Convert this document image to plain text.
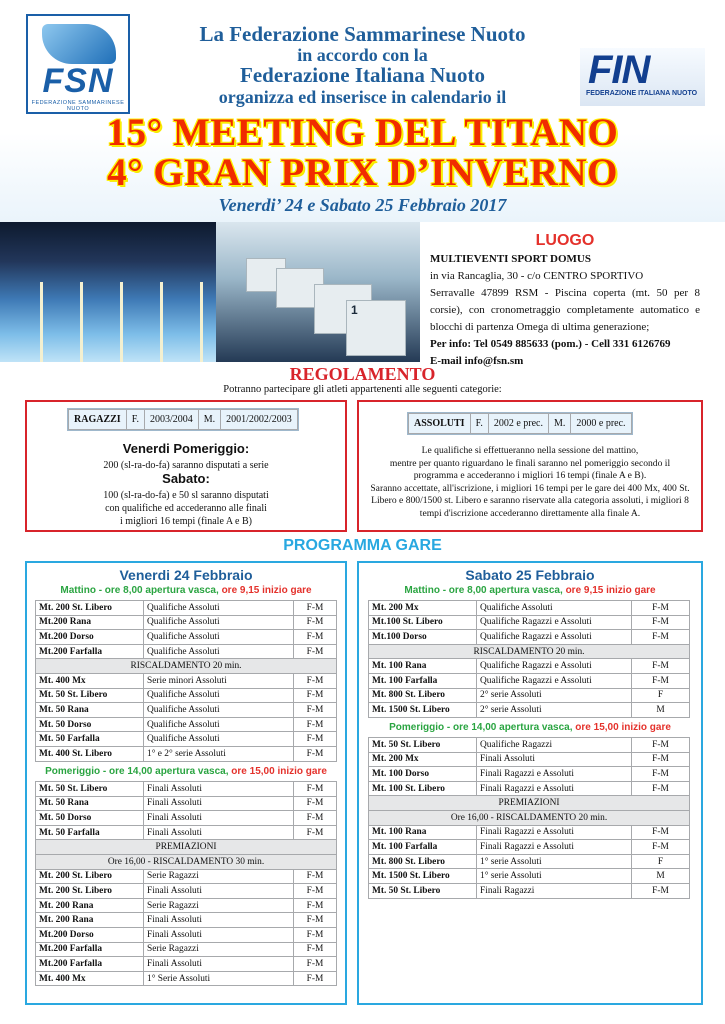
FSN
FEDERAZIONE SAMMARINESE NUOTO
FIN
FEDERAZIONE ITALIANA NUOTO
La Federazione Sammarinese Nuoto
in accordo con la
Federazione Italiana Nuoto
organizza ed inserisce in calendario il
15° MEETING DEL TITANO
4° GRAN PRIX D’INVERNO
Venerdi’ 24 e Sabato 25 Febbraio 2017
1
LUOGO
MULTIEVENTI SPORT DOMUS
in via Rancaglia, 30 - c/o CENTRO SPORTIVO
Serravalle 47899 RSM - Piscina coperta (mt. 50 per 8 corsie), con cronometraggio completamente automatico e blocchi di partenza Omega di ultima generazione;
Per info: Tel 0549 885633 (pom.) - Cell 331 6126769
E-mail info@fsn.sm
REGOLAMENTO
Potranno partecipare gli atleti appartenenti alle seguenti categorie:
RAGAZZI	F.	2003/2004	M.	2001/2002/2003
Venerdi Pomeriggio:
200 (sl-ra-do-fa) saranno disputati a serie
Sabato:
100 (sl-ra-do-fa) e 50 sl saranno disputati
con qualifiche ed accederanno alle finali
i migliori 16 tempi (finale A e B)
ASSOLUTI	F.	2002 e prec.	M.	2000 e prec.
Le qualifiche si effettueranno nella sessione del mattino,
mentre per quanto riguardano le finali saranno nel pomeriggio secondo il
programma e accederanno i migliori 16 tempi (finale A e B).
Saranno accettate, all'iscrizione, i migliori 16 tempi per le gare dei 400 Mx, 400 St.
Libero e 800/1500 st. Libero e saranno riservate alla categoria assoluti, i migliori 8
tempi d'iscrizione accederanno direttamente alla finale A.
PROGRAMMA GARE
Venerdi 24 Febbraio
Mattino - ore 8,00 apertura vasca, ore 9,15 inizio gare
Mt. 200 St. Libero	Qualifiche Assoluti	F-M
Mt.200 Rana	Qualifiche Assoluti	F-M
Mt.200 Dorso	Qualifiche Assoluti	F-M
Mt.200 Farfalla	Qualifiche Assoluti	F-M
RISCALDAMENTO 20 min.		
Mt. 400 Mx	Serie minori Assoluti	F-M
Mt. 50 St. Libero	Qualifiche Assoluti	F-M
Mt. 50 Rana	Qualifiche Assoluti	F-M
Mt. 50 Dorso	Qualifiche Assoluti	F-M
Mt. 50 Farfalla	Qualifiche Assoluti	F-M
Mt. 400 St. Libero	1° e 2° serie Assoluti	F-M
Pomeriggio - ore 14,00 apertura vasca, ore 15,00 inizio gare
Mt. 50 St. Libero	Finali Assoluti	F-M
Mt. 50 Rana	Finali Assoluti	F-M
Mt. 50 Dorso	Finali Assoluti	F-M
Mt. 50 Farfalla	Finali Assoluti	F-M
PREMIAZIONI		
Ore 16,00 - RISCALDAMENTO 30 min.		
Mt. 200 St. Libero	Serie Ragazzi	F-M
Mt. 200 St. Libero	Finali Assoluti	F-M
Mt. 200 Rana	Serie Ragazzi	F-M
Mt. 200 Rana	Finali Assoluti	F-M
Mt.200 Dorso	Finali Assoluti	F-M
Mt.200 Farfalla	Serie Ragazzi	F-M
Mt.200 Farfalla	Finali Assoluti	F-M
Mt. 400 Mx	1° Serie Assoluti	F-M
Sabato 25 Febbraio
Mattino - ore 8,00 apertura vasca, ore 9,15 inizio gare
Mt. 200 Mx	Qualifiche Assoluti	F-M
Mt.100 St. Libero	Qualifiche Ragazzi e Assoluti	F-M
Mt.100 Dorso	Qualifiche Ragazzi e Assoluti	F-M
RISCALDAMENTO 20 min.		
Mt. 100 Rana	Qualifiche Ragazzi e Assoluti	F-M
Mt. 100 Farfalla	Qualifiche Ragazzi e Assoluti	F-M
Mt. 800 St. Libero	2° serie Assoluti	F
Mt. 1500 St. Libero	2° serie Assoluti	M
Pomeriggio - ore 14,00 apertura vasca, ore 15,00 inizio gare
Mt. 50 St. Libero	Qualifiche Ragazzi	F-M
Mt. 200 Mx	Finali Assoluti	F-M
Mt. 100 Dorso	Finali Ragazzi e Assoluti	F-M
Mt. 100 St. Libero	Finali Ragazzi e Assoluti	F-M
PREMIAZIONI		
Ore 16,00 - RISCALDAMENTO 20 min.		
Mt. 100 Rana	Finali Ragazzi e Assoluti	F-M
Mt. 100 Farfalla	Finali Ragazzi e Assoluti	F-M
Mt. 800 St. Libero	1° serie Assoluti	F
Mt. 1500 St. Libero	1° serie Assoluti	M
Mt. 50 St. Libero	Finali Ragazzi	F-M
